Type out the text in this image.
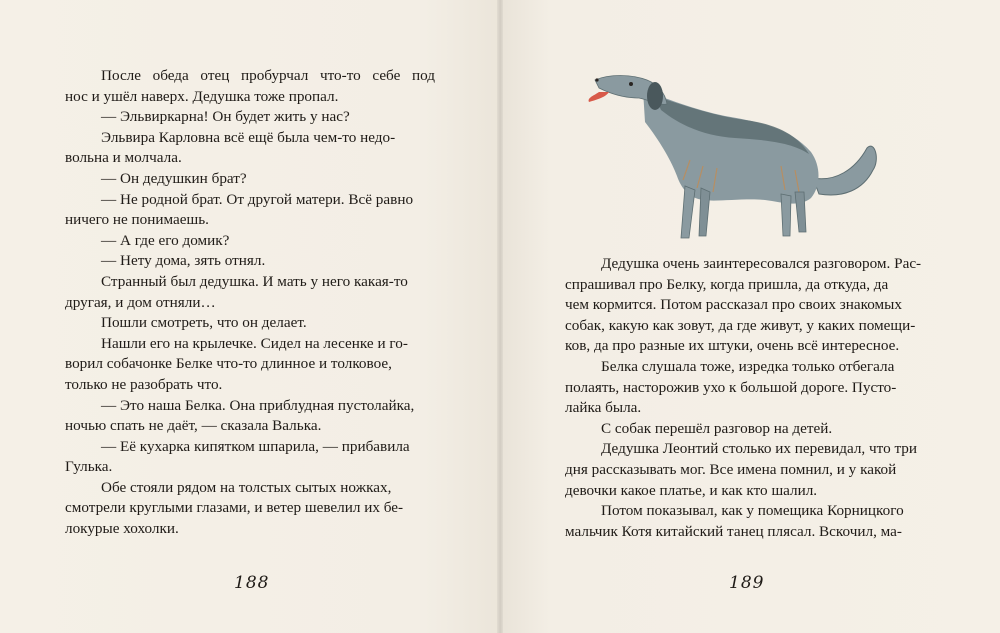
После обеда отец пробурчал что-то себе под
нос и ушёл наверх. Дедушка тоже пропал.
— Эльвиркарна! Он будет жить у нас?
Эльвира Карловна всё ещё была чем-то недо-
вольна и молчала.
— Он дедушкин брат?
— Не родной брат. От другой матери. Всё равно
ничего не понимаешь.
— А где его домик?
— Нету дома, зять отнял.
Странный был дедушка. И мать у него какая-то
другая, и дом отняли…
Пошли смотреть, что он делает.
Нашли его на крылечке. Сидел на лесенке и го-
ворил собачонке Белке что-то длинное и толковое,
только не разобрать что.
— Это наша Белка. Она приблудная пустолайка,
ночью спать не даёт, — сказала Валька.
— Её кухарка кипятком шпарила, — прибавила
Гулька.
Обе стояли рядом на толстых сытых ножках,
смотрели круглыми глазами, и ветер шевелил их бе-
локурые хохолки.
188
Дедушка очень заинтересовался разговором. Рас-
спрашивал про Белку, когда пришла, да откуда, да
чем кормится. Потом рассказал про своих знакомых
собак, какую как зовут, да где живут, у каких помещи-
ков, да про разные их штуки, очень всё интересное.
Белка слушала тоже, изредка только отбегала
полаять, насторожив ухо к большой дороге. Пусто-
лайка была.
С собак перешёл разговор на детей.
Дедушка Леонтий столько их перевидал, что три
дня рассказывать мог. Все имена помнил, и у какой
девочки какое платье, и как кто шалил.
Потом показывал, как у помещика Корницкого
мальчик Котя китайский танец плясал. Вскочил, ма-
189
